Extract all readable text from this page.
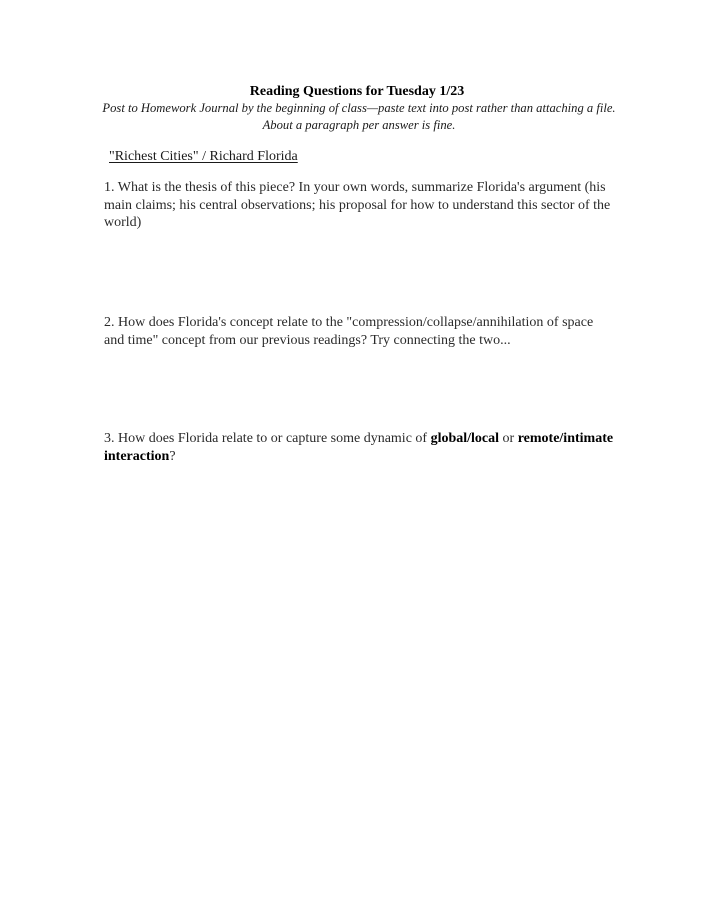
Reading Questions for Tuesday 1/23
Post to Homework Journal by the beginning of class—paste text into post rather than attaching a file. About a paragraph per answer is fine.
"Richest Cities" / Richard Florida
1. What is the thesis of this piece? In your own words, summarize Florida's argument (his main claims; his central observations; his proposal for how to understand this sector of the world)
2. How does Florida's concept relate to the "compression/collapse/annihilation of space and time" concept from our previous readings? Try connecting the two...
3. How does Florida relate to or capture some dynamic of global/local or remote/intimate interaction?
